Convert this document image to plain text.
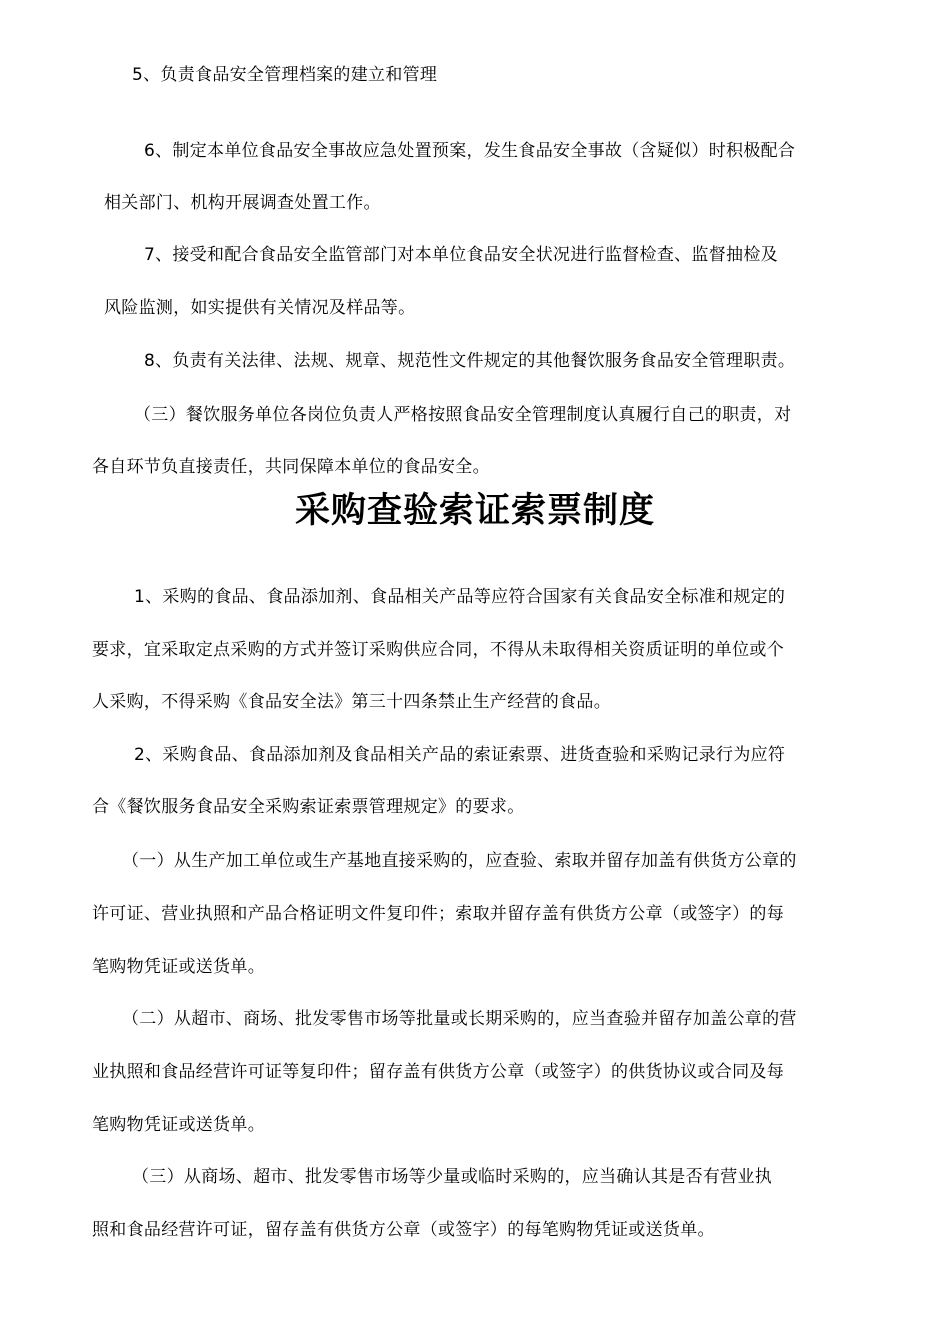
5、负责食品安全管理档案的建立和管理
6、制定本单位食品安全事故应急处置预案，发生食品安全事故（含疑似）时积极配合
相关部门、机构开展调查处置工作。
7、接受和配合食品安全监管部门对本单位食品安全状况进行监督检查、监督抽检及
风险监测，如实提供有关情况及样品等。
8、负责有关法律、法规、规章、规范性文件规定的其他餐饮服务食品安全管理职责。
（三）餐饮服务单位各岗位负责人严格按照食品安全管理制度认真履行自己的职责，对
各自环节负直接责任，共同保障本单位的食品安全。
采购查验索证索票制度
1、采购的食品、食品添加剂、食品相关产品等应符合国家有关食品安全标准和规定的
要求，宜采取定点采购的方式并签订采购供应合同，不得从未取得相关资质证明的单位或个
人采购，不得采购《食品安全法》第三十四条禁止生产经营的食品。
2、采购食品、食品添加剂及食品相关产品的索证索票、进货查验和采购记录行为应符
合《餐饮服务食品安全采购索证索票管理规定》的要求。
（一）从生产加工单位或生产基地直接采购的，应查验、索取并留存加盖有供货方公章的
许可证、营业执照和产品合格证明文件复印件；索取并留存盖有供货方公章（或签字）的每
笔购物凭证或送货单。
（二）从超市、商场、批发零售市场等批量或长期采购的，应当查验并留存加盖公章的营
业执照和食品经营许可证等复印件；留存盖有供货方公章（或签字）的供货协议或合同及每
笔购物凭证或送货单。
（三）从商场、超市、批发零售市场等少量或临时采购的，应当确认其是否有营业执
照和食品经营许可证，留存盖有供货方公章（或签字）的每笔购物凭证或送货单。
